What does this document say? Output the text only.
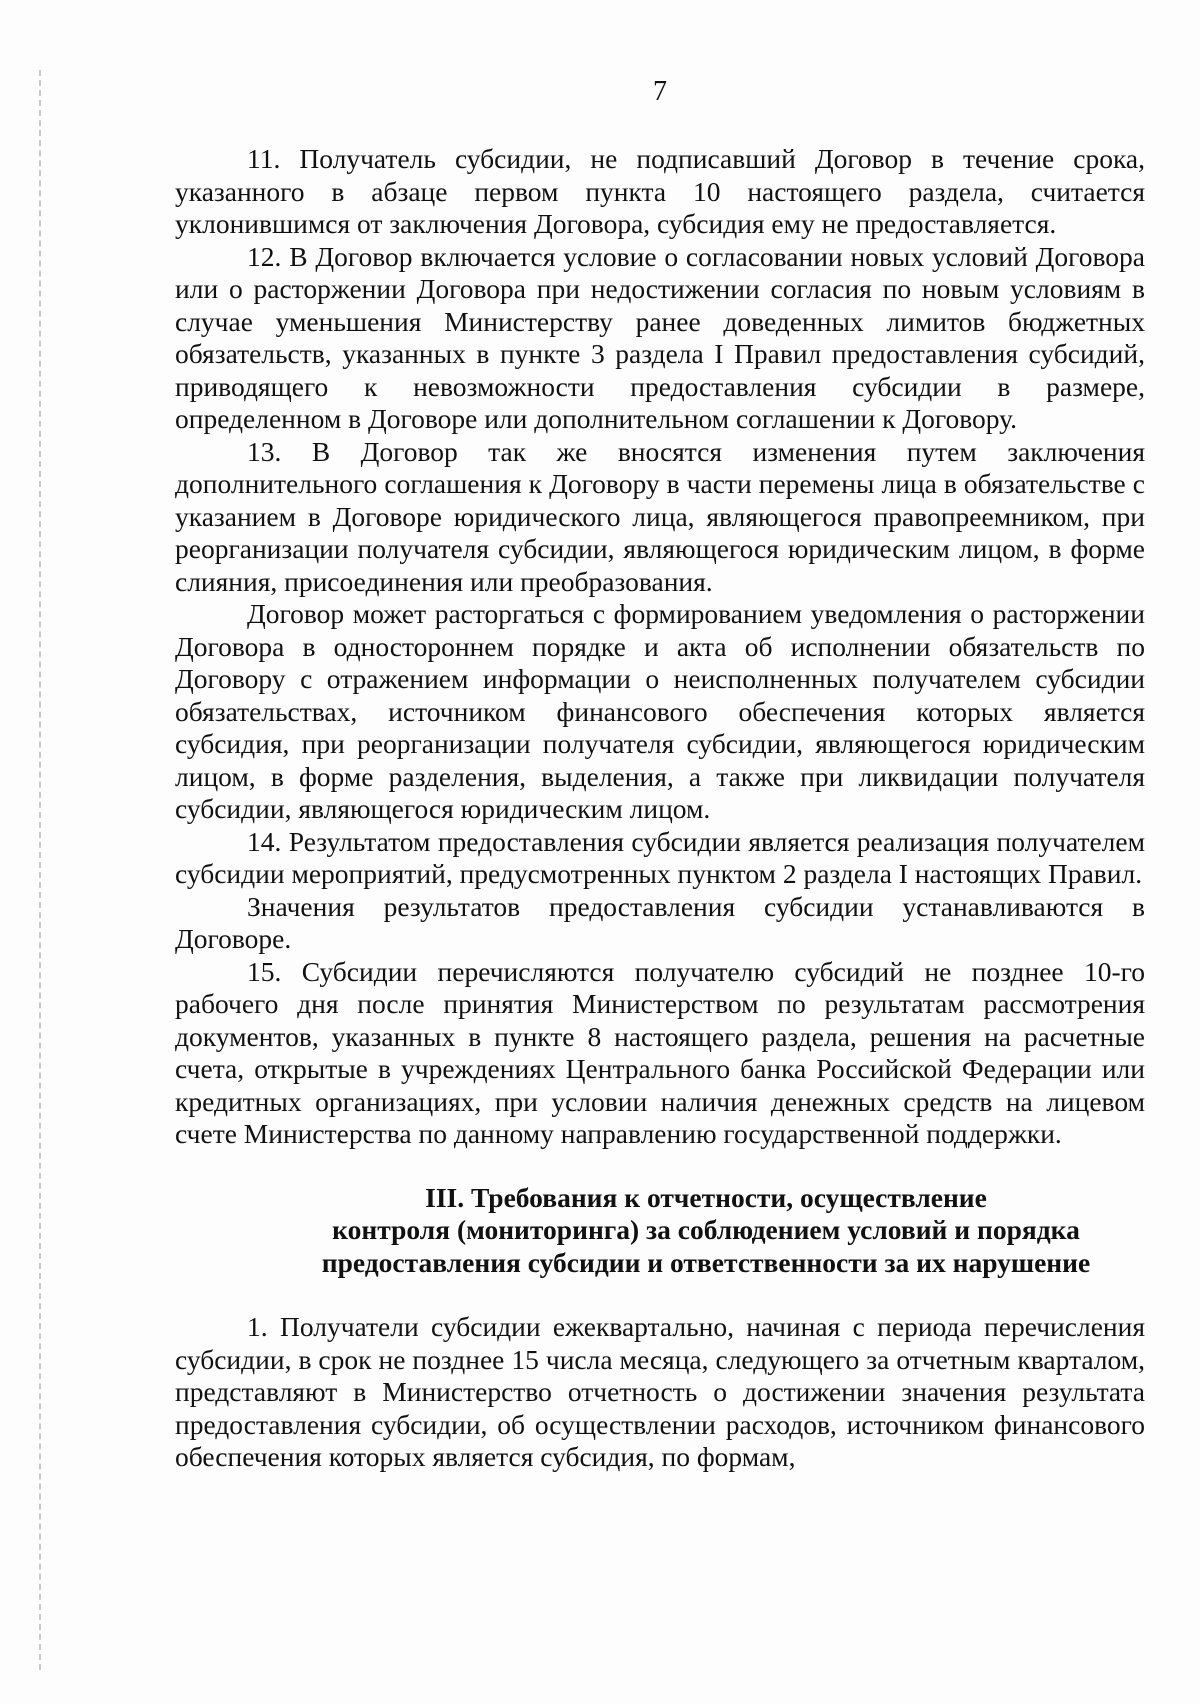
7

11. Получатель субсидии, не подписавший Договор в течение срока, указанного в абзаце первом пункта 10 настоящего раздела, считается уклонившимся от заключения Договора, субсидия ему не предоставляется.

12. В Договор включается условие о согласовании новых условий Договора или о расторжении Договора при недостижении согласия по новым условиям в случае уменьшения Министерству ранее доведенных лимитов бюджетных обязательств, указанных в пункте 3 раздела I Правил предоставления субсидий, приводящего к невозможности предоставления субсидии в размере, определенном в Договоре или дополнительном соглашении к Договору.

13. В Договор так же вносятся изменения путем заключения дополнительного соглашения к Договору в части перемены лица в обязательстве с указанием в Договоре юридического лица, являющегося правопреемником, при реорганизации получателя субсидии, являющегося юридическим лицом, в форме слияния, присоединения или преобразования.

Договор может расторгаться с формированием уведомления о расторжении Договора в одностороннем порядке и акта об исполнении обязательств по Договору с отражением информации о неисполненных получателем субсидии обязательствах, источником финансового обеспечения которых является субсидия, при реорганизации получателя субсидии, являющегося юридическим лицом, в форме разделения, выделения, а также при ликвидации получателя субсидии, являющегося юридическим лицом.

14. Результатом предоставления субсидии является реализация получателем субсидии мероприятий, предусмотренных пунктом 2 раздела I настоящих Правил.

Значения результатов предоставления субсидии устанавливаются в Договоре.

15. Субсидии перечисляются получателю субсидий не позднее 10-го рабочего дня после принятия Министерством по результатам рассмотрения документов, указанных в пункте 8 настоящего раздела, решения на расчетные счета, открытые в учреждениях Центрального банка Российской Федерации или кредитных организациях, при условии наличия денежных средств на лицевом счете Министерства по данному направлению государственной поддержки.

III. Требования к отчетности, осуществление
контроля (мониторинга) за соблюдением условий и порядка
предоставления субсидии и ответственности за их нарушение

1. Получатели субсидии ежеквартально, начиная с периода перечисления субсидии, в срок не позднее 15 числа месяца, следующего за отчетным кварталом, представляют в Министерство отчетность о достижении значения результата предоставления субсидии, об осуществлении расходов, источником финансового обеспечения которых является субсидия, по формам,
